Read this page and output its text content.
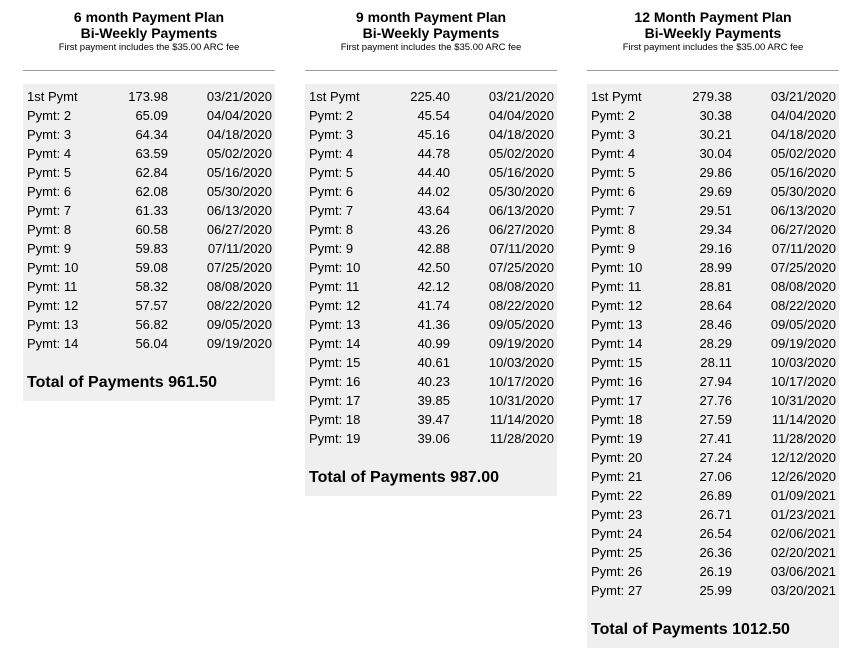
6 month Payment Plan
Bi-Weekly Payments
First payment includes the $35.00 ARC fee
1st Pymt	173.98	03/21/2020
Pymt: 2	65.09	04/04/2020
Pymt: 3	64.34	04/18/2020
Pymt: 4	63.59	05/02/2020
Pymt: 5	62.84	05/16/2020
Pymt: 6	62.08	05/30/2020
Pymt: 7	61.33	06/13/2020
Pymt: 8	60.58	06/27/2020
Pymt: 9	59.83	07/11/2020
Pymt: 10	59.08	07/25/2020
Pymt: 11	58.32	08/08/2020
Pymt: 12	57.57	08/22/2020
Pymt: 13	56.82	09/05/2020
Pymt: 14	56.04	09/19/2020
Total of Payments 961.50
9 month Payment Plan
Bi-Weekly Payments
First payment includes the $35.00 ARC fee
1st Pymt	225.40	03/21/2020
Pymt: 2	45.54	04/04/2020
Pymt: 3	45.16	04/18/2020
Pymt: 4	44.78	05/02/2020
Pymt: 5	44.40	05/16/2020
Pymt: 6	44.02	05/30/2020
Pymt: 7	43.64	06/13/2020
Pymt: 8	43.26	06/27/2020
Pymt: 9	42.88	07/11/2020
Pymt: 10	42.50	07/25/2020
Pymt: 11	42.12	08/08/2020
Pymt: 12	41.74	08/22/2020
Pymt: 13	41.36	09/05/2020
Pymt: 14	40.99	09/19/2020
Pymt: 15	40.61	10/03/2020
Pymt: 16	40.23	10/17/2020
Pymt: 17	39.85	10/31/2020
Pymt: 18	39.47	11/14/2020
Pymt: 19	39.06	11/28/2020
Total of Payments 987.00
12 Month Payment Plan
Bi-Weekly Payments
First payment includes the $35.00 ARC fee
1st Pymt	279.38	03/21/2020
Pymt: 2	30.38	04/04/2020
Pymt: 3	30.21	04/18/2020
Pymt: 4	30.04	05/02/2020
Pymt: 5	29.86	05/16/2020
Pymt: 6	29.69	05/30/2020
Pymt: 7	29.51	06/13/2020
Pymt: 8	29.34	06/27/2020
Pymt: 9	29.16	07/11/2020
Pymt: 10	28.99	07/25/2020
Pymt: 11	28.81	08/08/2020
Pymt: 12	28.64	08/22/2020
Pymt: 13	28.46	09/05/2020
Pymt: 14	28.29	09/19/2020
Pymt: 15	28.11	10/03/2020
Pymt: 16	27.94	10/17/2020
Pymt: 17	27.76	10/31/2020
Pymt: 18	27.59	11/14/2020
Pymt: 19	27.41	11/28/2020
Pymt: 20	27.24	12/12/2020
Pymt: 21	27.06	12/26/2020
Pymt: 22	26.89	01/09/2021
Pymt: 23	26.71	01/23/2021
Pymt: 24	26.54	02/06/2021
Pymt: 25	26.36	02/20/2021
Pymt: 26	26.19	03/06/2021
Pymt: 27	25.99	03/20/2021
Total of Payments 1012.50
